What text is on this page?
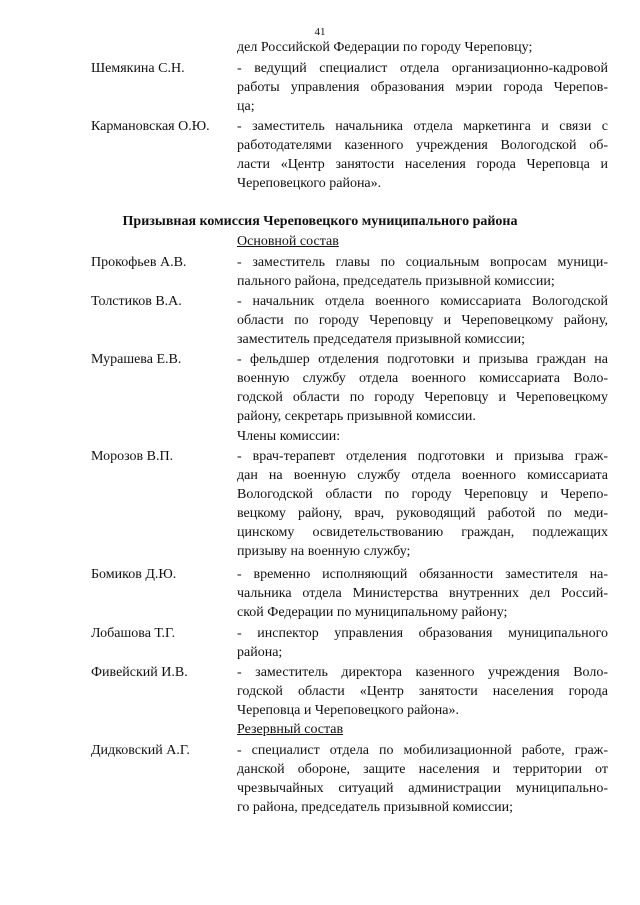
41
дел Российской Федерации по городу Череповцу;
Шемякина С.Н.	- ведущий специалист отдела организационно-кадровой
работы управления образования мэрии города Черепов-
ца;
Кармановская О.Ю. - заместитель начальника отдела маркетинга и связи с
работодателями казенного учреждения Вологодской об-
ласти «Центр занятости населения города Череповца и
Череповецкого района».
Призывная комиссия Череповецкого муниципального района
Основной состав
Прокофьев А.В.	- заместитель главы по социальным вопросам муници-
пального района, председатель призывной комиссии;
Толстиков В.А.	- начальник отдела военного комиссариата Вологодской
области по городу Череповцу и Череповецкому району,
заместитель председателя призывной комиссии;
Мурашева Е.В.	- фельдшер отделения подготовки и призыва граждан на
военную службу отдела военного комиссариата Воло-
годской области по городу Череповцу и Череповецкому
району, секретарь призывной комиссии.
Члены комиссии:
Морозов В.П.	- врач-терапевт отделения подготовки и призыва граж-
дан на военную службу отдела военного комиссариата
Вологодской области по городу Череповцу и Черепо-
вецкому району, врач, руководящий работой по меди-
цинскому освидетельствованию граждан, подлежащих
призыву на военную службу;
Бомиков Д.Ю.	- временно исполняющий обязанности заместителя на-
чальника отдела Министерства внутренних дел Россий-
ской Федерации по муниципальному району;
Лобашова Т.Г.	- инспектор управления образования муниципального
района;
Фивейский И.В.	- заместитель директора казенного учреждения Воло-
годской области «Центр занятости населения города
Череповца и Череповецкого района».
Резервный состав
Дидковский А.Г.	- специалист отдела по мобилизационной работе, граж-
данской обороне, защите населения и территории от
чрезвычайных ситуаций администрации муниципально-
го района, председатель призывной комиссии;
